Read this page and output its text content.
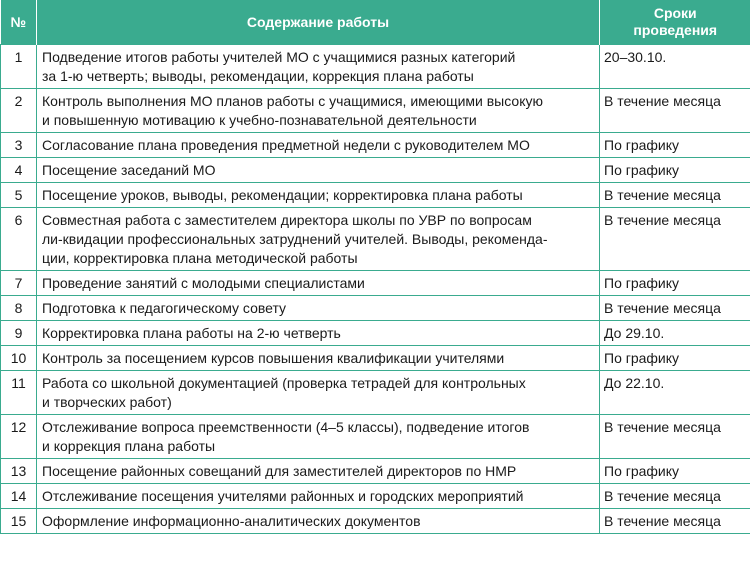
№	Содержание работы	Сроки
проведения
1	Подведение итогов работы учителей МО с учащимися разных категорий
за 1-ю четверть; выводы, рекомендации, коррекция плана работы	20–30.10.
2	Контроль выполнения МО планов работы с учащимися, имеющими высокую
и повышенную мотивацию к учебно-познавательной деятельности	В течение месяца
3	Согласование плана проведения предметной недели с руководителем МО	По графику
4	Посещение заседаний МО	По графику
5	Посещение уроков, выводы, рекомендации; корректировка плана работы	В течение месяца
6	Совместная работа с заместителем директора школы по УВР по вопросам
ли-квидации профессиональных затруднений учителей. Выводы, рекоменда-
ции, корректировка плана методической работы	В течение месяца
7	Проведение занятий с молодыми специалистами	По графику
8	Подготовка к педагогическому совету	В течение месяца
9	Корректировка плана работы на 2-ю четверть	До 29.10.
10	Контроль за посещением курсов повышения квалификации учителями	По графику
11	Работа со школьной документацией (проверка тетрадей для контрольных
и творческих работ)	До 22.10.
12	Отслеживание вопроса преемственности (4–5 классы), подведение итогов
и коррекция плана работы	В течение месяца
13	Посещение районных совещаний для заместителей директоров по НМР	По графику
14	Отслеживание посещения учителями районных и городских мероприятий	В течение месяца
15	Оформление информационно-аналитических документов	В течение месяца
